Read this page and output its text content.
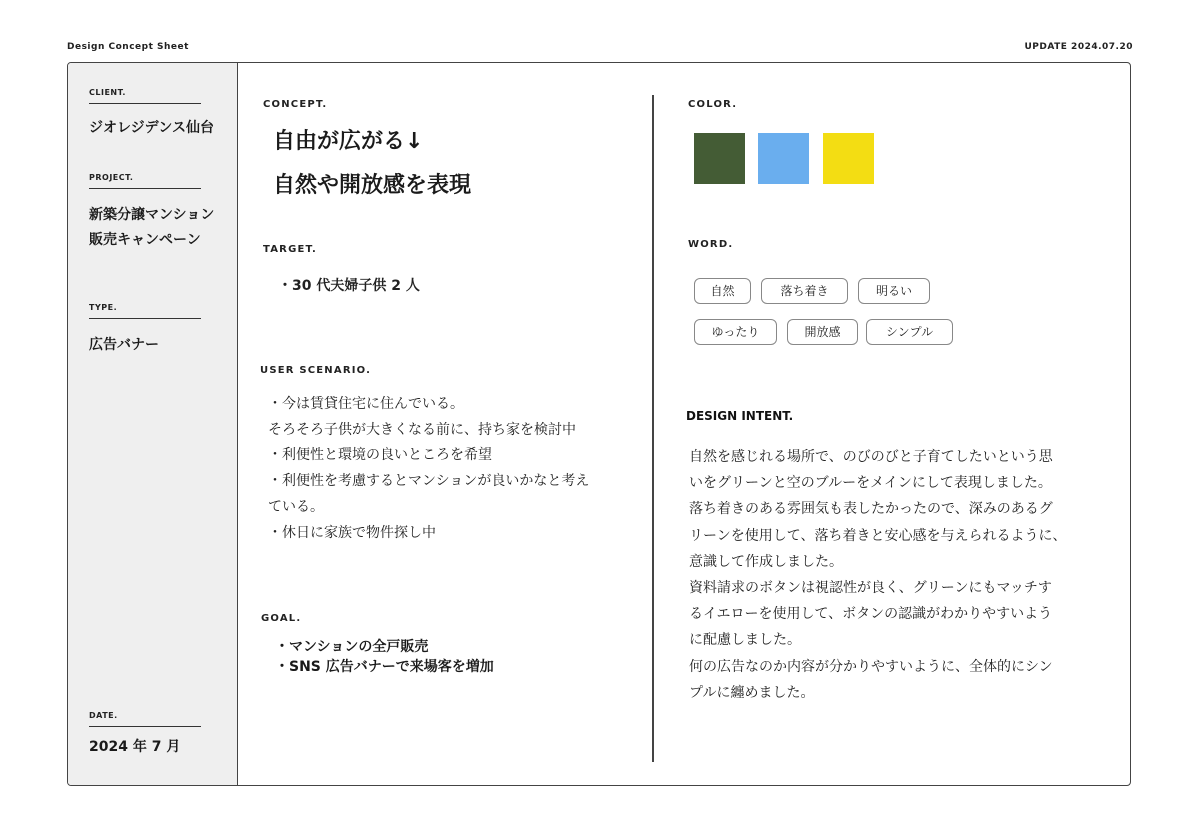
Design Concept Sheet	UPDATE 2024.07.20
CLIENT.
ジオレジデンス仙台
PROJECT.
新築分譲マンション
販売キャンペーン
TYPE.
広告バナー
DATE.
2024 年 7 月
CONCEPT.
自由が広がる↓
自然や開放感を表現
TARGET.
・30 代夫婦子供 2 人
USER SCENARIO.
・今は賃貸住宅に住んでいる。
そろそろ子供が大きくなる前に、持ち家を検討中
・利便性と環境の良いところを希望
・利便性を考慮するとマンションが良いかなと考え
ている。
・休日に家族で物件探し中
GOAL.
・マンションの全戸販売
・SNS 広告バナーで来場客を増加
COLOR.
WORD.
自然	落ち着き	明るい
ゆったり	開放感	シンプル
DESIGN INTENT.
自然を感じれる場所で、のびのびと子育てしたいという思
いをグリーンと空のブルーをメインにして表現しました。
落ち着きのある雰囲気も表したかったので、深みのあるグ
リーンを使用して、落ち着きと安心感を与えられるように、
意識して作成しました。
資料請求のボタンは視認性が良く、グリーンにもマッチす
るイエローを使用して、ボタンの認識がわかりやすいよう
に配慮しました。
何の広告なのか内容が分かりやすいように、全体的にシン
プルに纏めました。
